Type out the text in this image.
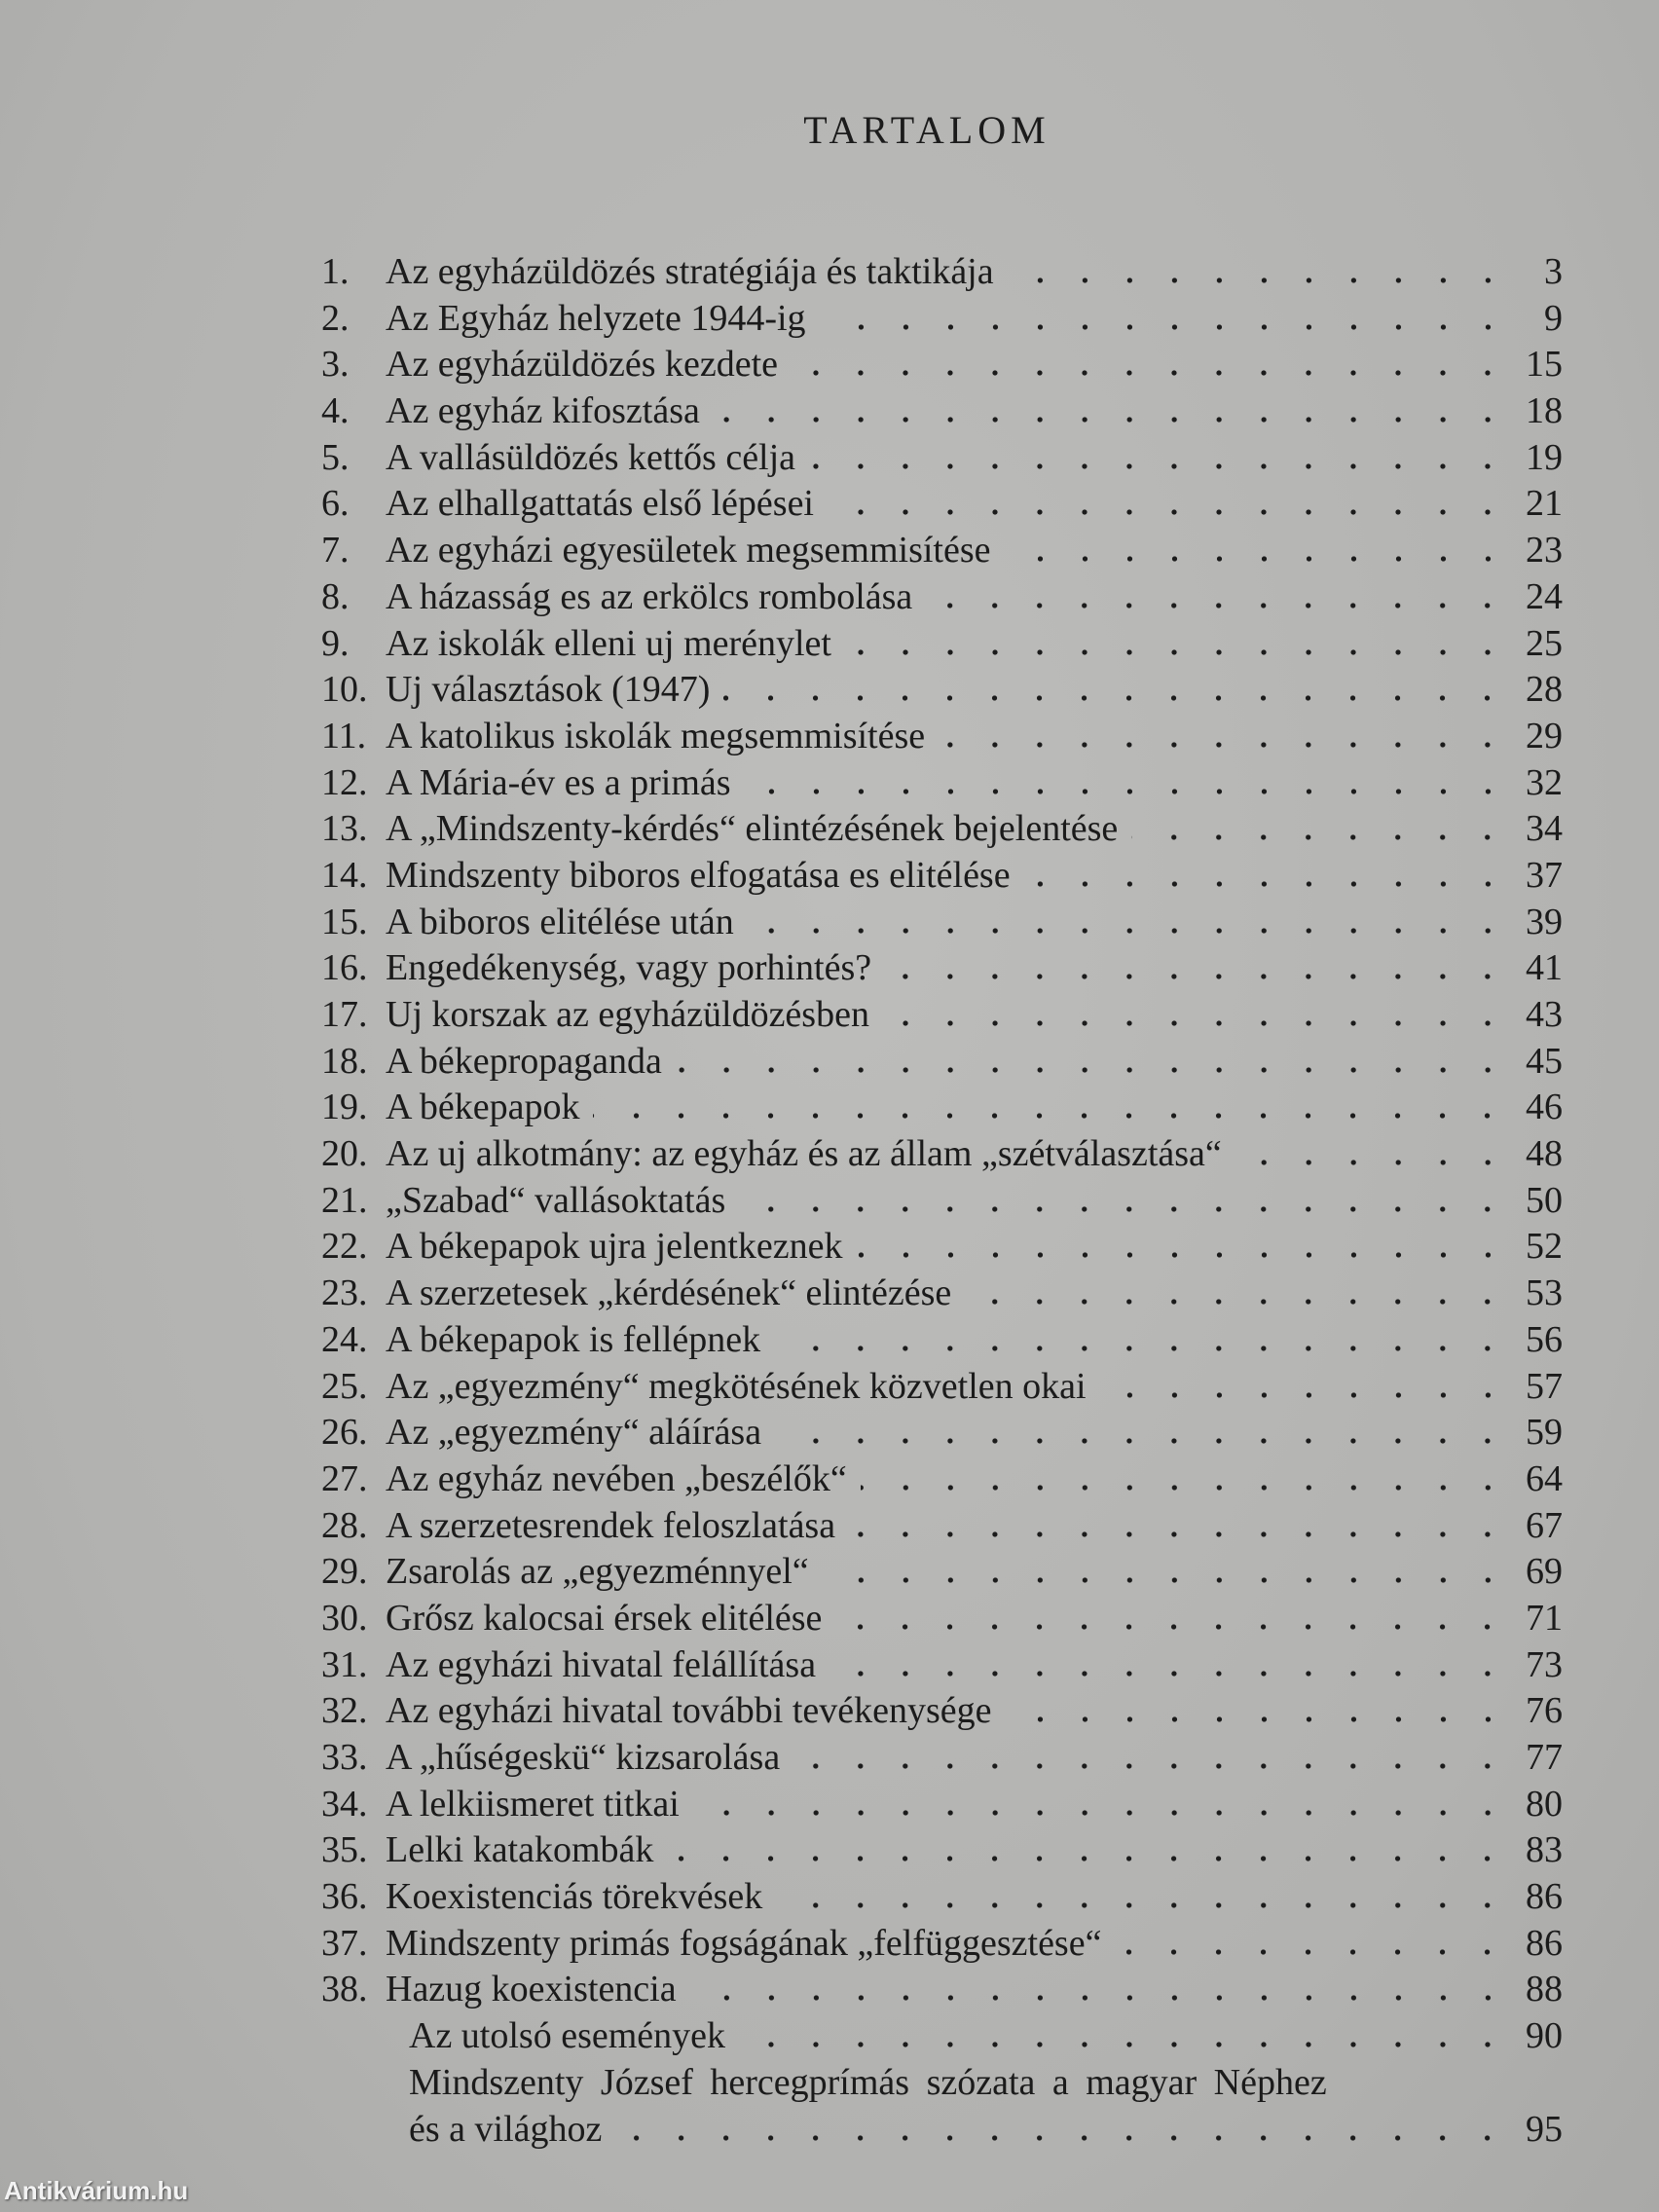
TARTALOM
1. Az egyházüldözés stratégiája és taktikája	3
2. Az Egyház helyzete 1944-ig	9
3. Az egyházüldözés kezdete	15
4. Az egyház kifosztása	18
5. A vallásüldözés kettős célja	19
6. Az elhallgattatás első lépései	21
7. Az egyházi egyesületek megsemmisítése	23
8. A házasság es az erkölcs rombolása	24
9. Az iskolák elleni uj merénylet	25
10. Uj választások (1947)	28
11. A katolikus iskolák megsemmisítése	29
12. A Mária-év es a primás	32
13. A „Mindszenty-kérdés“ elintézésének bejelentése	34
14. Mindszenty biboros elfogatása es elitélése	37
15. A biboros elitélése után	39
16. Engedékenység, vagy porhintés?	41
17. Uj korszak az egyházüldözésben	43
18. A békepropaganda	45
19. A békepapok	46
20. Az uj alkotmány: az egyház és az állam „szétválasztása“	48
21. „Szabad“ vallásoktatás	50
22. A békepapok ujra jelentkeznek	52
23. A szerzetesek „kérdésének“ elintézése	53
24. A békepapok is fellépnek	56
25. Az „egyezmény“ megkötésének közvetlen okai	57
26. Az „egyezmény“ aláírása	59
27. Az egyház nevében „beszélők“	64
28. A szerzetesrendek feloszlatása	67
29. Zsarolás az „egyezménnyel“	69
30. Grősz kalocsai érsek elitélése	71
31. Az egyházi hivatal felállítása	73
32. Az egyházi hivatal további tevékenysége	76
33. A „hűségeskü“ kizsarolása	77
34. A lelkiismeret titkai	80
35. Lelki katakombák	83
36. Koexistenciás törekvések	86
37. Mindszenty primás fogságának „felfüggesztése“	86
38. Hazug koexistencia	88
Az utolsó események	90
Mindszenty József hercegprímás szózata a magyar Néphez
és a világhoz	95
Antikvárium.hu
